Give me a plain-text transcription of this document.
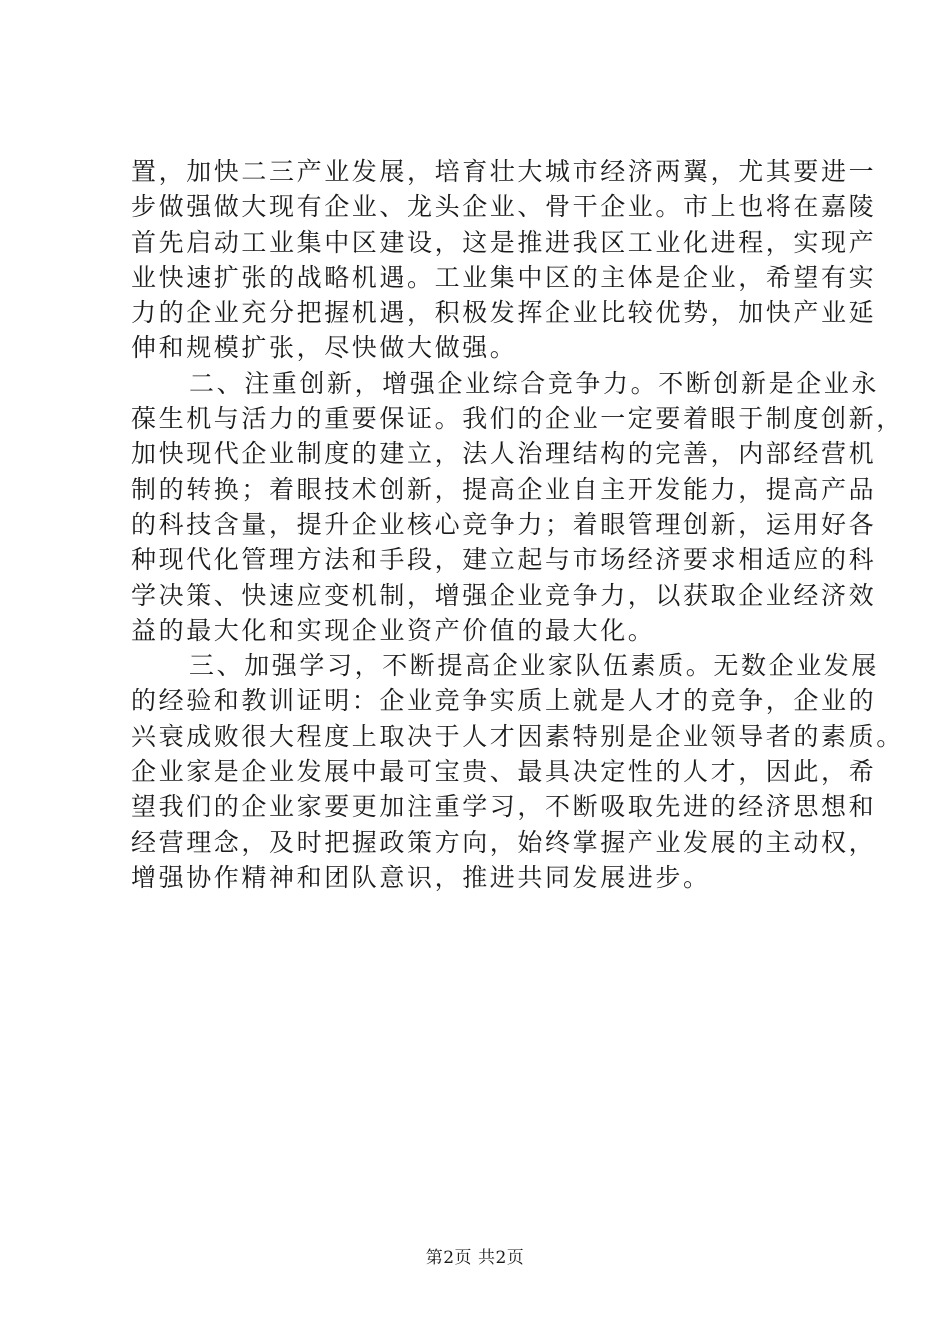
置，加快二三产业发展，培育壮大城市经济两翼，尤其要进一
步做强做大现有企业、龙头企业、骨干企业。市上也将在嘉陵
首先启动工业集中区建设，这是推进我区工业化进程，实现产
业快速扩张的战略机遇。工业集中区的主体是企业，希望有实
力的企业充分把握机遇，积极发挥企业比较优势，加快产业延
伸和规模扩张，尽快做大做强。
二、注重创新，增强企业综合竞争力。不断创新是企业永
葆生机与活力的重要保证。我们的企业一定要着眼于制度创新，
加快现代企业制度的建立，法人治理结构的完善，内部经营机
制的转换；着眼技术创新，提高企业自主开发能力，提高产品
的科技含量，提升企业核心竞争力；着眼管理创新，运用好各
种现代化管理方法和手段，建立起与市场经济要求相适应的科
学决策、快速应变机制，增强企业竞争力，以获取企业经济效
益的最大化和实现企业资产价值的最大化。
三、加强学习，不断提高企业家队伍素质。无数企业发展
的经验和教训证明：企业竞争实质上就是人才的竞争，企业的
兴衰成败很大程度上取决于人才因素特别是企业领导者的素质。
企业家是企业发展中最可宝贵、最具决定性的人才，因此，希
望我们的企业家要更加注重学习，不断吸取先进的经济思想和
经营理念，及时把握政策方向，始终掌握产业发展的主动权，
增强协作精神和团队意识，推进共同发展进步。
第2页 共2页
